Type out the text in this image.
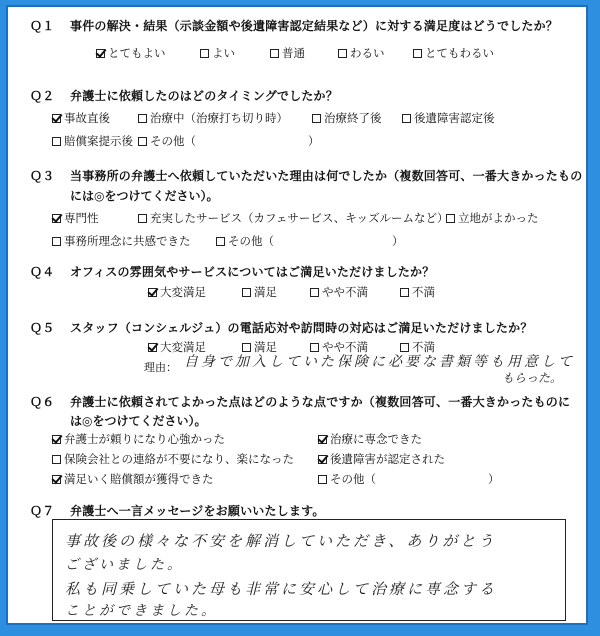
Ｑ１ 事件の解決・結果（示談金額や後遺障害認定結果など）に対する満足度はどうでしたか？
とてもよい	よい	普通	わるい	とてもわるい
Ｑ２ 弁護士に依頼したのはどのタイミングでしたか？
事故直後	治療中（治療打ち切り時）	治療終了後	後遺障害認定後
賠償案提示後 その他（	）
Ｑ３ 当事務所の弁護士へ依頼していただいた理由は何でしたか（複数回答可、一番大きかったもの
には◎をつけてください）。
専門性	充実したサービス（カフェサービス、キッズルームなど） 立地がよかった
事務所理念に共感できた	その他（	）
Ｑ４ オフィスの雰囲気やサービスについてはご満足いただけましたか？
大変満足	満足	やや不満	不満
Ｑ５ スタッフ（コンシェルジュ）の電話応対や訪問時の対応はご満足いただけましたか？
大変満足	満足	やや不満	不満
理由： 自身で加入していた保険に必要な書類等も用意して
もらった。
Ｑ６ 弁護士に依頼されてよかった点はどのような点ですか（複数回答可、一番大きかったものに
は◎をつけてください）。
弁護士が頼りになり心強かった	治療に専念できた
保険会社との連絡が不要になり、楽になった	後遺障害が認定された
満足いく賠償額が獲得できた	その他（	）
Ｑ７ 弁護士へ一言メッセージをお願いいたします。
事故後の様々な不安を解消していただき、ありがとう
ございました。
私も同乗していた母も非常に安心して治療に専念する
ことができました。
